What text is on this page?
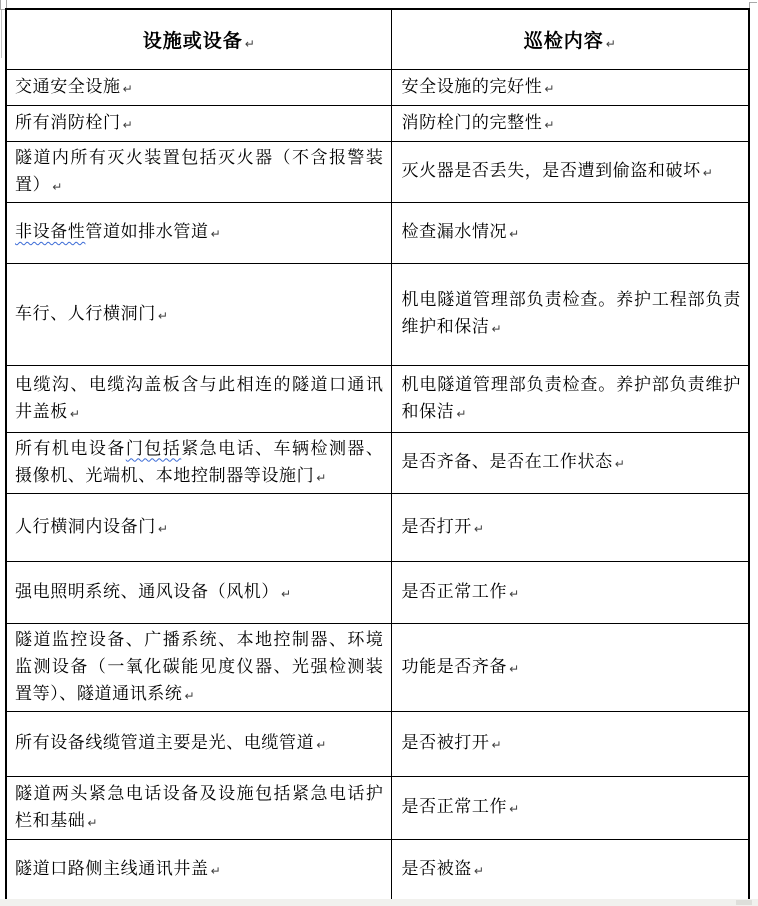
设施或设备 ↵	巡检内容 ↵
交通安全设施 ↵	安全设施的完好性 ↵
所有消防栓门 ↵	消防栓门的完整性 ↵
隧道内所有灭火装置包括灭火器（不含报警装置） ↵	灭火器是否丢失，是否遭到偷盗和破坏 ↵
非设备性管道如排水管道 ↵	检查漏水情况 ↵
车行、人行横洞门 ↵	机电隧道管理部负责检查。养护工程部负责维护和保洁 ↵
电缆沟、电缆沟盖板含与此相连的隧道口通讯井盖板 ↵	机电隧道管理部负责检查。养护部负责维护和保洁 ↵
所有机电设备门包括紧急电话、车辆检测器、摄像机、光端机、本地控制器等设施门 ↵	是否齐备、是否在工作状态 ↵
人行横洞内设备门 ↵	是否打开 ↵
强电照明系统、通风设备（风机） ↵	是否正常工作 ↵
隧道监控设备、广播系统、本地控制器、环境监测设备（一氧化碳能见度仪器、光强检测装置等）、隧道通讯系统 ↵	功能是否齐备 ↵
所有设备线缆管道主要是光、电缆管道 ↵	是否被打开 ↵
隧道两头紧急电话设备及设施包括紧急电话护栏和基础 ↵	是否正常工作 ↵
隧道口路侧主线通讯井盖 ↵	是否被盗 ↵
